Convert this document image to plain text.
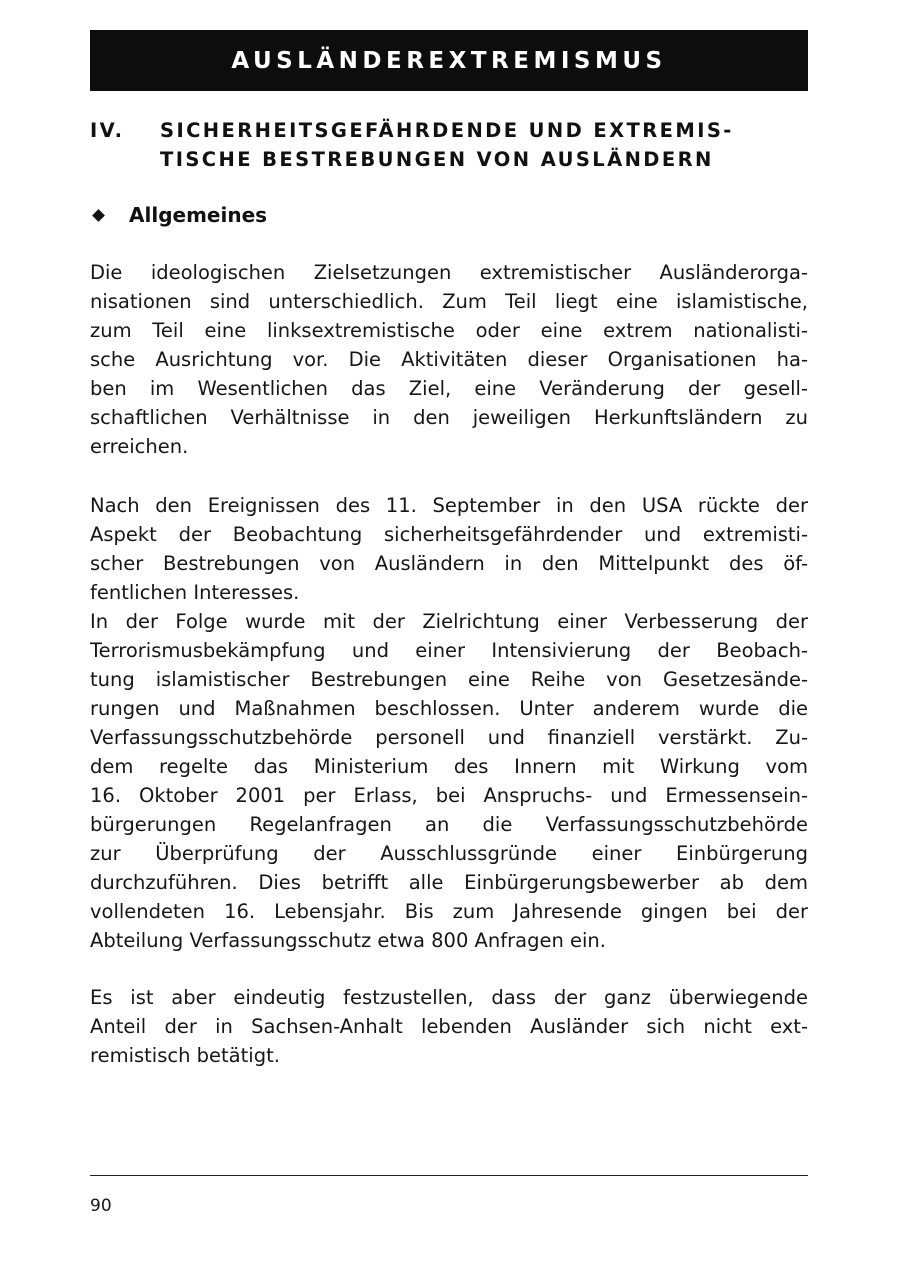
AUSLÄNDEREXTREMISMUS
IV.	SICHERHEITSGEFÄHRDENDE UND EXTREMIS-
TISCHE BESTREBUNGEN VON AUSLÄNDERN
Allgemeines
Die ideologischen Zielsetzungen extremistischer Ausländerorga-
nisationen sind unterschiedlich. Zum Teil liegt eine islamistische,
zum Teil eine linksextremistische oder eine extrem nationalisti-
sche Ausrichtung vor. Die Aktivitäten dieser Organisationen ha-
ben im Wesentlichen das Ziel, eine Veränderung der gesell-
schaftlichen Verhältnisse in den jeweiligen Herkunftsländern zu
erreichen.
Nach den Ereignissen des 11. September in den USA rückte der
Aspekt der Beobachtung sicherheitsgefährdender und extremisti-
scher Bestrebungen von Ausländern in den Mittelpunkt des öf-
fentlichen Interesses.
In der Folge wurde mit der Zielrichtung einer Verbesserung der
Terrorismusbekämpfung und einer Intensivierung der Beobach-
tung islamistischer Bestrebungen eine Reihe von Gesetzesände-
rungen und Maßnahmen beschlossen. Unter anderem wurde die
Verfassungsschutzbehörde personell und finanziell verstärkt. Zu-
dem regelte das Ministerium des Innern mit Wirkung vom
16. Oktober 2001 per Erlass, bei Anspruchs- und Ermessensein-
bürgerungen Regelanfragen an die Verfassungsschutzbehörde
zur Überprüfung der Ausschlussgründe einer Einbürgerung
durchzuführen. Dies betrifft alle Einbürgerungsbewerber ab dem
vollendeten 16. Lebensjahr. Bis zum Jahresende gingen bei der
Abteilung Verfassungsschutz etwa 800 Anfragen ein.
Es ist aber eindeutig festzustellen, dass der ganz überwiegende
Anteil der in Sachsen-Anhalt lebenden Ausländer sich nicht ext-
remistisch betätigt.
90
